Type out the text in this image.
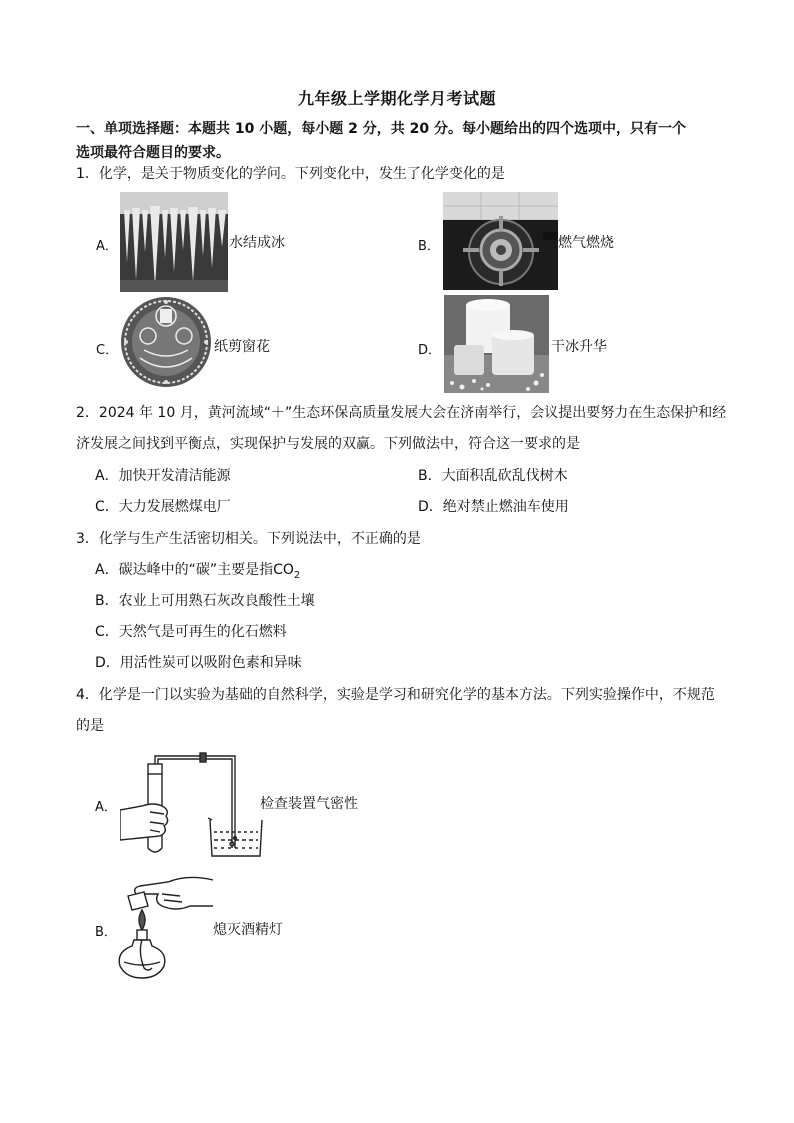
九年级上学期化学月考试题
一、单项选择题：本题共 10 小题，每小题 2 分，共 20 分。每小题给出的四个选项中，只有一个
选项最符合题目的要求。
1．化学，是关于物质变化的学问。下列变化中，发生了化学变化的是
A．	水结成冰	B．	燃气燃烧
C．	纸剪窗花	D．	干冰升华
2．2024 年 10 月，黄河流域“＋”生态环保高质量发展大会在济南举行，会议提出要努力在生态保护和经
济发展之间找到平衡点，实现保护与发展的双赢。下列做法中，符合这一要求的是
A．加快开发清洁能源	B．大面积乱砍乱伐树木
C．大力发展燃煤电厂	D．绝对禁止燃油车使用
3．化学与生产生活密切相关。下列说法中，不正确的是
A．碳达峰中的“碳”主要是指$CO_2$
B．农业上可用熟石灰改良酸性土壤
C．天然气是可再生的化石燃料
D．用活性炭可以吸附色素和异味
4．化学是一门以实验为基础的自然科学，实验是学习和研究化学的基本方法。下列实验操作中，不规范
的是
A．	检查装置气密性
B．	熄灭酒精灯
